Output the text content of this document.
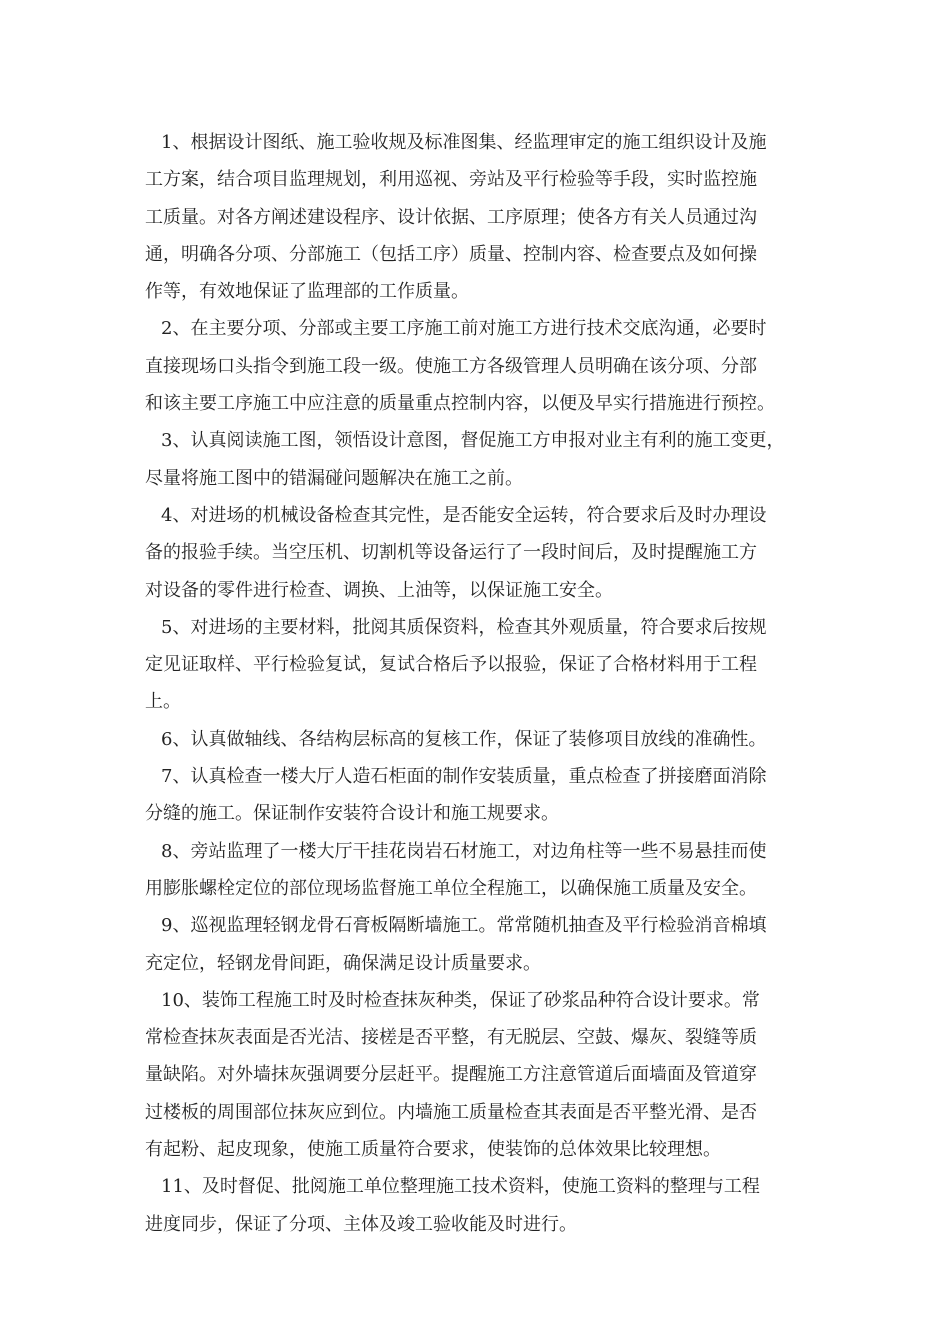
1、根据设计图纸、施工验收规及标准图集、经监理审定的施工组织设计及施
工方案，结合项目监理规划，利用巡视、旁站及平行检验等手段，实时监控施
工质量。对各方阐述建设程序、设计依据、工序原理；使各方有关人员通过沟
通，明确各分项、分部施工（包括工序）质量、控制内容、检查要点及如何操
作等，有效地保证了监理部的工作质量。
2、在主要分项、分部或主要工序施工前对施工方进行技术交底沟通，必要时
直接现场口头指令到施工段一级。使施工方各级管理人员明确在该分项、分部
和该主要工序施工中应注意的质量重点控制内容，以便及早实行措施进行预控。
3、认真阅读施工图，领悟设计意图，督促施工方申报对业主有利的施工变更，
尽量将施工图中的错漏碰问题解决在施工之前。
4、对进场的机械设备检查其完性，是否能安全运转，符合要求后及时办理设
备的报验手续。当空压机、切割机等设备运行了一段时间后，及时提醒施工方
对设备的零件进行检查、调换、上油等，以保证施工安全。
5、对进场的主要材料，批阅其质保资料，检查其外观质量，符合要求后按规
定见证取样、平行检验复试，复试合格后予以报验，保证了合格材料用于工程
上。
6、认真做轴线、各结构层标高的复核工作，保证了装修项目放线的准确性。
7、认真检查一楼大厅人造石柜面的制作安装质量，重点检查了拼接磨面消除
分缝的施工。保证制作安装符合设计和施工规要求。
8、旁站监理了一楼大厅干挂花岗岩石材施工，对边角柱等一些不易悬挂而使
用膨胀螺栓定位的部位现场监督施工单位全程施工，以确保施工质量及安全。
9、巡视监理轻钢龙骨石膏板隔断墙施工。常常随机抽查及平行检验消音棉填
充定位，轻钢龙骨间距，确保满足设计质量要求。
10、装饰工程施工时及时检查抹灰种类，保证了砂浆品种符合设计要求。常
常检查抹灰表面是否光洁、接槎是否平整，有无脱层、空鼓、爆灰、裂缝等质
量缺陷。对外墙抹灰强调要分层赶平。提醒施工方注意管道后面墙面及管道穿
过楼板的周围部位抹灰应到位。内墙施工质量检查其表面是否平整光滑、是否
有起粉、起皮现象，使施工质量符合要求，使装饰的总体效果比较理想。
11、及时督促、批阅施工单位整理施工技术资料，使施工资料的整理与工程
进度同步，保证了分项、主体及竣工验收能及时进行。
